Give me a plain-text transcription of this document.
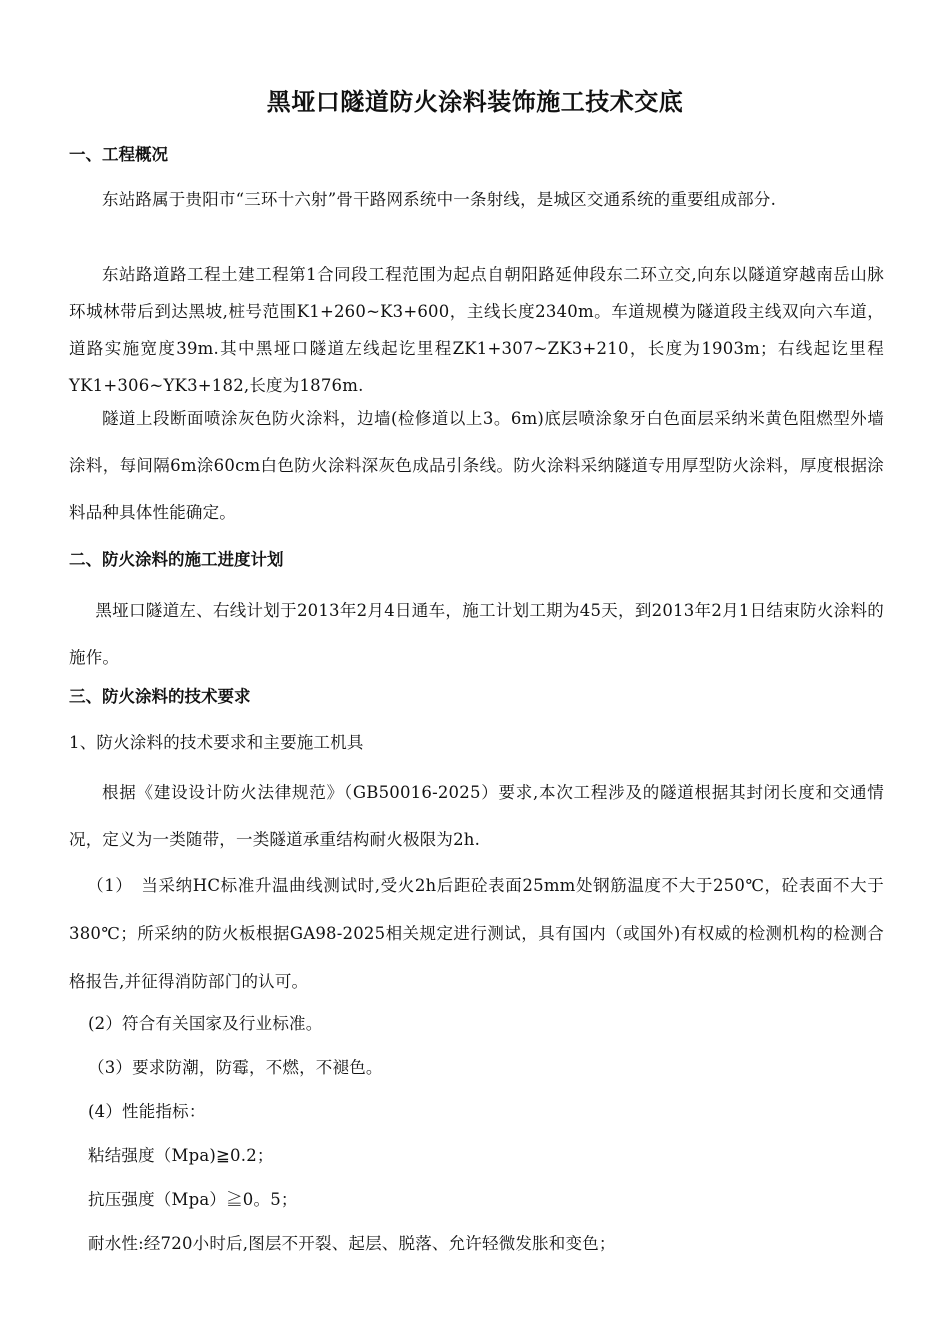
黑垭口隧道防火涂料装饰施工技术交底
一、工程概况
东站路属于贵阳市“三环十六射”骨干路网系统中一条射线，是城区交通系统的重要组成部分.
东站路道路工程土建工程第1合同段工程范围为起点自朝阳路延伸段东二环立交,向东以隧道穿越南岳山脉环城林带后到达黑坡,桩号范围K1+260~K3+600，主线长度2340m。车道规模为隧道段主线双向六车道，道路实施宽度39m.其中黑垭口隧道左线起讫里程ZK1+307~ZK3+210，长度为1903m；右线起讫里程YK1+306~YK3+182,长度为1876m.
隧道上段断面喷涂灰色防火涂料，边墙(检修道以上3。6m)底层喷涂象牙白色面层采纳米黄色阻燃型外墙涂料，每间隔6m涂60cm白色防火涂料深灰色成品引条线。防火涂料采纳隧道专用厚型防火涂料，厚度根据涂料品种具体性能确定。
二、防火涂料的施工进度计划
黑垭口隧道左、右线计划于2013年2月4日通车，施工计划工期为45天，到2013年2月1日结束防火涂料的施作。
三、防火涂料的技术要求
1、防火涂料的技术要求和主要施工机具
根据《建设设计防火法律规范》（GB50016-2025）要求,本次工程涉及的隧道根据其封闭长度和交通情况，定义为一类随带，一类隧道承重结构耐火极限为2h.
（1）　当采纳HC标准升温曲线测试时,受火2h后距砼表面25mm处钢筋温度不大于250℃，砼表面不大于380℃；所采纳的防火板根据GA98-2025相关规定进行测试，具有国内（或国外)有权威的检测机构的检测合格报告,并征得消防部门的认可。
(2）符合有关国家及行业标准。
（3）要求防潮，防霉，不燃，不褪色。
(4）性能指标：
粘结强度（Mpa)≧0.2；
抗压强度（Mpa）≧0。5；
耐水性:经720小时后,图层不开裂、起层、脱落、允许轻微发胀和变色；
